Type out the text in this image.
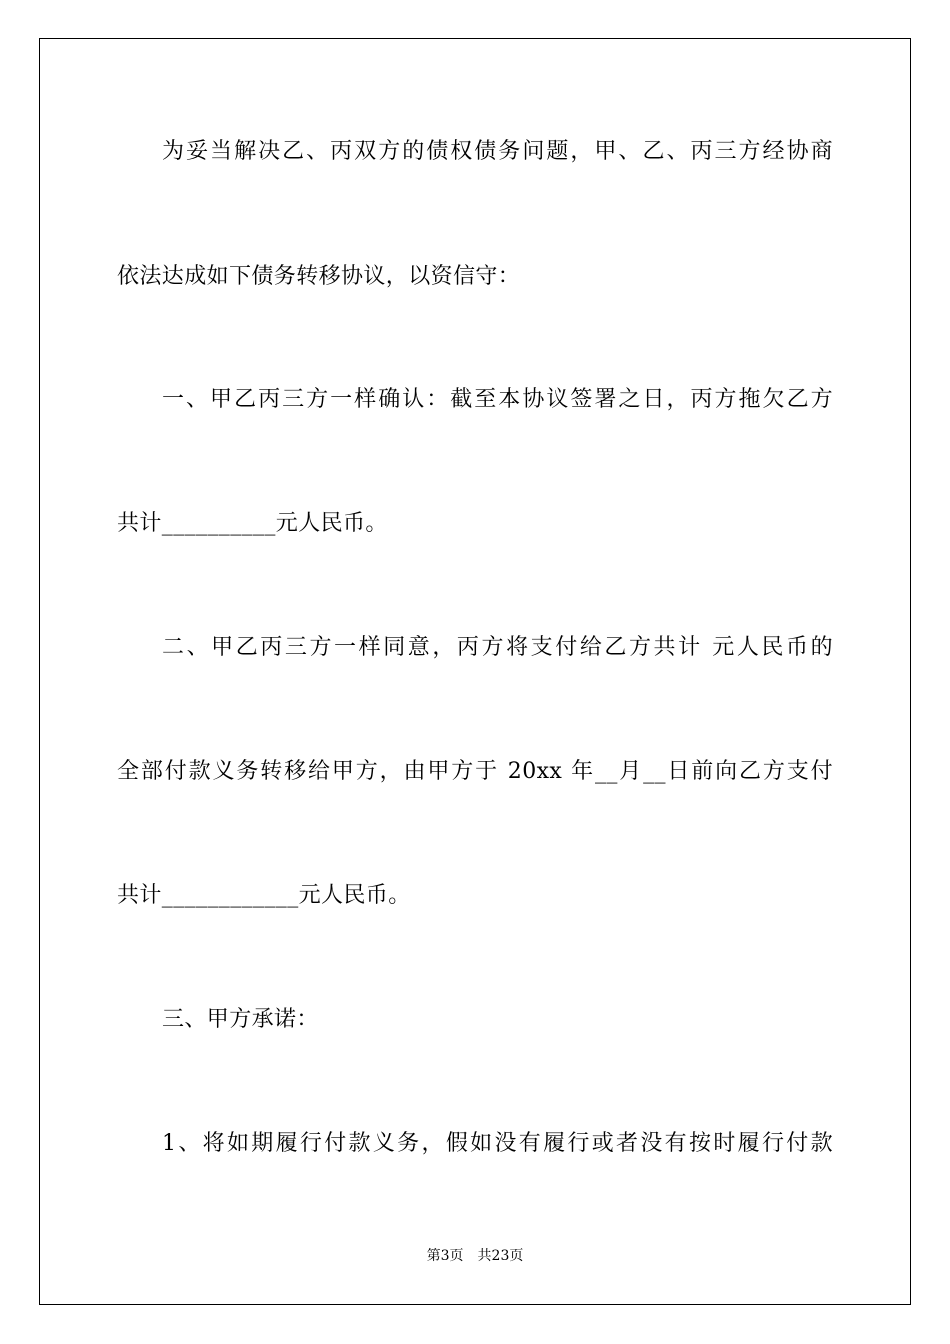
为妥当解决乙、丙双方的债权债务问题，甲、乙、丙三方经协商
依法达成如下债务转移协议，以资信守：
一、甲乙丙三方一样确认：截至本协议签署之日，丙方拖欠乙方
共计__________元人民币。
二、甲乙丙三方一样同意，丙方将支付给乙方共计 元人民币的
全部付款义务转移给甲方，由甲方于 20xx 年__月__日前向乙方支付
共计____________元人民币。
三、甲方承诺：
1、将如期履行付款义务，假如没有履行或者没有按时履行付款
第3页　共23页
